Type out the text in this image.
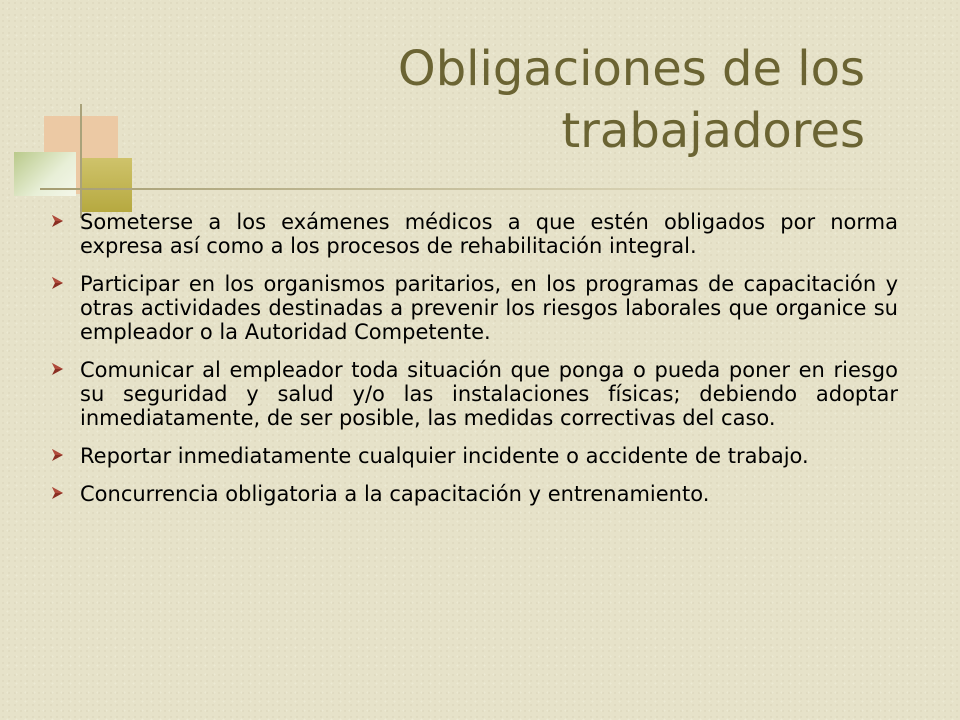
Obligaciones de los
trabajadores
Someterse a los exámenes médicos a que estén obligados por norma expresa así como a los procesos de rehabilitación integral.
Participar en los organismos paritarios, en los programas de capacitación y otras actividades destinadas a prevenir los riesgos laborales que organice su empleador o la Autoridad Competente.
Comunicar al empleador toda situación que ponga o pueda poner en riesgo su seguridad y salud y/o las instalaciones físicas; debiendo adoptar inmediatamente, de ser posible, las medidas correctivas del caso.
Reportar inmediatamente cualquier incidente o accidente de trabajo.
Concurrencia obligatoria a la capacitación y entrenamiento.
